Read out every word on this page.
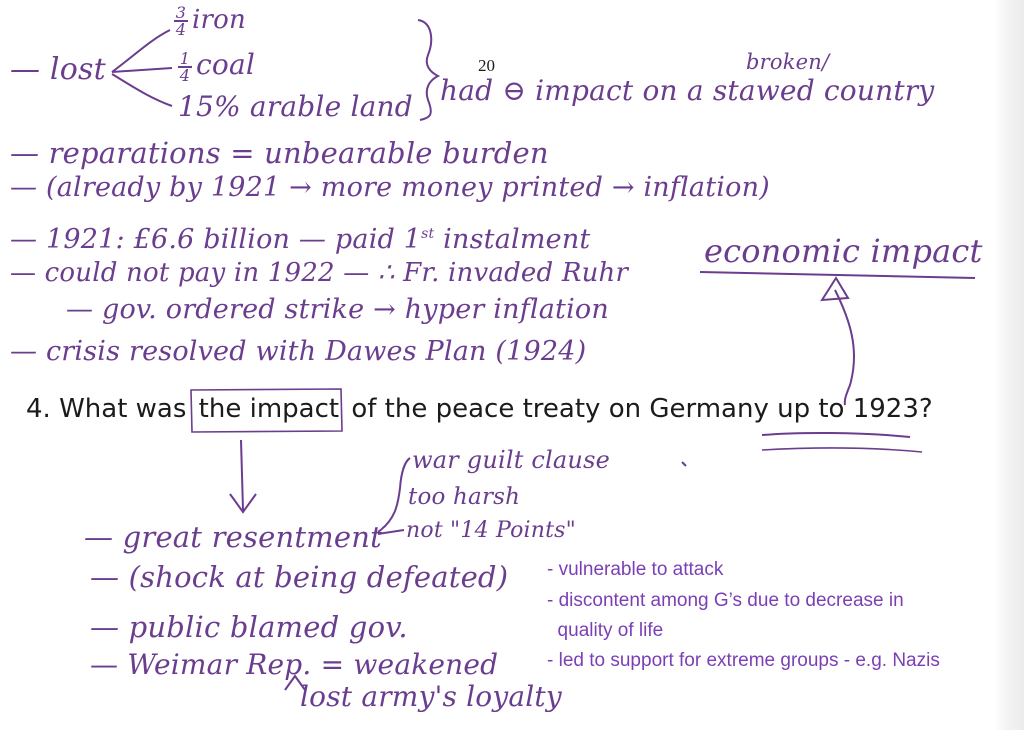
20
— lost
$\frac{3}{4}$ iron
$\frac{1}{4}$ coal
15% arable land
broken/
had ⊖ impact on a stawed country
— reparations = unbearable burden
— (already by 1921 → more money printed → inflation)
— 1921: £6.6 billion — paid 1st instalment
— could not pay in 1922 — ∴ Fr. invaded Ruhr
— gov. ordered strike → hyper inflation
— crisis resolved with Dawes Plan (1924)
economic impact
4. What was the impact of the peace treaty on Germany up to 1923?
war guilt clause
too harsh
not "14 Points"
— great resentment
— (shock at being defeated)
— public blamed gov.
— Weimar Rep. = weakened
lost army's loyalty
- vulnerable to attack
- discontent among G’s due to decrease in
quality of life
- led to support for extreme groups - e.g. Nazis
